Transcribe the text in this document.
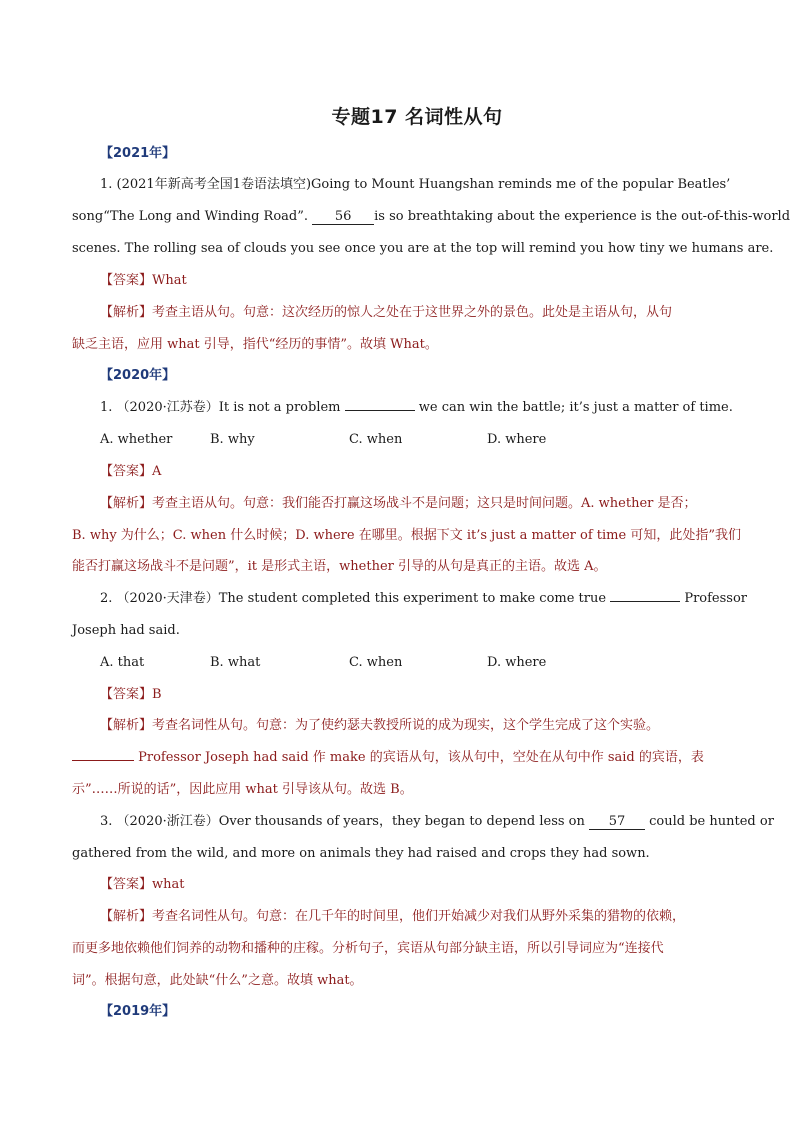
专题17 名词性从句
【2021年】
1. (2021年新高考全国1卷语法填空)Going to Mount Huangshan reminds me of the popular Beatles’
song“The Long and Winding Road”. 56 is so breathtaking about the experience is the out-of-this-world
scenes. The rolling sea of clouds you see once you are at the top will remind you how tiny we humans are.
【答案】What
【解析】考查主语从句。句意：这次经历的惊人之处在于这世界之外的景色。此处是主语从句，从句
缺乏主语，应用 what 引导，指代“经历的事情”。故填 What。
【2020年】
1. （2020·江苏卷）It is not a problem	we can win the battle; it’s just a matter of time.
A. whether	B. why	C. when	D. where
【答案】A
【解析】考查主语从句。句意：我们能否打赢这场战斗不是问题；这只是时间问题。A. whether 是否；
B. why 为什么；C. when 什么时候；D. where 在哪里。根据下文 it’s just a matter of time 可知，此处指”我们
能否打赢这场战斗不是问题”，it 是形式主语，whether 引导的从句是真正的主语。故选 A。
2. （2020·天津卷）The student completed this experiment to make come true	Professor
Joseph had said.
A. that	B. what	C. when	D. where
【答案】B
【解析】考查名词性从句。句意：为了使约瑟夫教授所说的成为现实，这个学生完成了这个实验。
Professor Joseph had said 作 make 的宾语从句，该从句中，空处在从句中作 said 的宾语，表
示”……所说的话”，因此应用 what 引导该从句。故选 B。
3. （2020·浙江卷）Over thousands of years，they began to depend less on 57 could be hunted or
gathered from the wild, and more on animals they had raised and crops they had sown.
【答案】what
【解析】考查名词性从句。句意：在几千年的时间里，他们开始减少对我们从野外采集的猎物的依赖，
而更多地依赖他们饲养的动物和播种的庄稼。分析句子，宾语从句部分缺主语，所以引导词应为“连接代
词”。根据句意，此处缺“什么”之意。故填 what。
【2019年】
